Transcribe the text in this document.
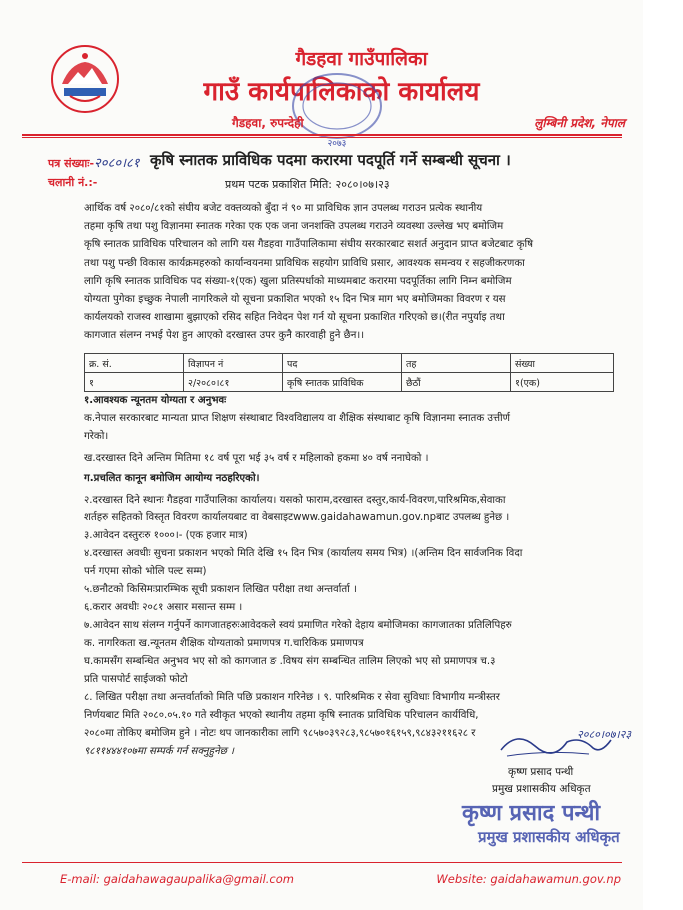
गैडहवा गाउँपालिका
गाउँ कार्यपालिकाको कार्यालय
२०७३
गैडहवा, रुपन्देही	लुम्बिनी प्रदेश, नेपाल
पत्र संख्याः-२०८०।८१
चलानी नं.:-
कृषि स्नातक प्राविधिक पदमा करारमा पदपूर्ति गर्ने सम्बन्धी सूचना ।
प्रथम पटक प्रकाशित मिति: २०८०।०७।२३
आर्थिक वर्ष २०८०/८१को संघीय बजेट वक्तव्यको बुँदा नं ९० मा प्राविधिक ज्ञान उपलब्ध गराउन प्रत्येक स्थानीय
तहमा कृषि तथा पशु विज्ञानमा स्नातक गरेका एक एक जना जनशक्ति उपलब्ध गराउने व्यवस्था उल्लेख भए बमोजिम
कृषि स्नातक प्राविधिक परिचालन को लागि यस गैडहवा गाउँपालिकामा संघीय सरकारबाट सशर्त अनुदान प्राप्त बजेटबाट कृषि
तथा पशु पन्छी विकास कार्यक्रमहरुको कार्यान्वयनमा प्राविधिक सहयोग प्राविधि प्रसार, आवश्यक समन्वय र सहजीकरणका
लागि कृषि स्नातक प्राविधिक पद संख्या-१(एक) खुला प्रतिस्पर्धाको माध्यमबाट करारमा पदपूर्तिका लागि निम्न बमोजिम
योग्यता पुगेका इच्छुक नेपाली नागरिकले यो सूचना प्रकाशित भएको १५ दिन भित्र माग भए बमोजिमका विवरण र यस
कार्यलयको राजस्व शाखामा बुझाएको रसिद सहित निवेदन पेश गर्न यो सूचना प्रकाशित गरिएको छ।(रीत नपुर्याइ तथा
कागजात संलग्न नभई पेश हुन आएको दरखास्त उपर कुनै कारवाही हुने छैन।।
क्र. सं.	विज्ञापन नं	पद	तह	संख्या
१	२/२०८०।८१	कृषि स्नातक प्राविधिक	छैठौं	१(एक)
१.आवश्यक न्यूनतम योग्यता र अनुभवः
क.नेपाल सरकारबाट मान्यता प्राप्त शिक्षण संस्थाबाट विश्वविद्यालय वा शैक्षिक संस्थाबाट कृषि विज्ञानमा स्नातक उत्तीर्ण
गरेको।
ख.दरखास्त दिने अन्तिम मितिमा १८ वर्ष पूरा भई ३५ वर्ष र महिलाको हकमा ४० वर्ष ननाघेको ।
ग.प्रचलित कानून बमोजिम आयोग्य नठहरिएको।
२.दरखास्त दिने स्थानः गैडहवा गाउँपालिका कार्यालय। यसको फाराम,दरखास्त दस्तुर,कार्य-विवरण,पारिश्रमिक,सेवाका
शर्तहरु सहितको विस्तृत विवरण कार्यालयबाट वा वेबसाइटwww.gaidahawamun.gov.npबाट उपलब्ध हुनेछ ।
३.आवेदन दस्तुरःरु १०००।- (एक हजार मात्र)
४.दरखास्त अवधीः सुचना प्रकाशन भएको मिति देखि १५ दिन भित्र (कार्यालय समय भित्र) ।(अन्तिम दिन सार्वजनिक विदा
पर्न गएमा सोको भोलि पल्ट सम्म)
५.छनौटको किसिमःप्रारम्भिक सूची प्रकाशन लिखित परीक्षा तथा अन्तर्वार्ता ।
६.करार अवधीः २०८१ असार मसान्त सम्म ।
७.आवेदन साथ संलग्न गर्नुपर्ने कागजातहरुःआवेदकले स्वयं प्रमाणित गरेको देहाय बमोजिमका कागजातका प्रतिलिपिहरु
क. नागरिकता ख.न्यूनतम शैक्षिक योग्यताको प्रमाणपत्र ग.चारिकिक प्रमाणपत्र
घ.कामसँग सम्बन्धित अनुभव भए सो को कागजात ङ .विषय संग सम्बन्धित तालिम लिएको भए सो प्रमाणपत्र च.३
प्रति पासपोर्ट साईजको फोटो
८. लिखित परीक्षा तथा अन्तर्वार्ताको मिति पछि प्रकाशन गरिनेछ । ९. पारिश्रमिक र सेवा सुविधाः विभागीय मन्त्रीस्तर
निर्णयबाट मिति २०८०.०५.१० गते स्वीकृत भएको स्थानीय तहमा कृषि स्नातक प्राविधिक परिचालन कार्यविधि,
२०८०मा तोकिए बमोजिम हुने । नोटः थप जानकारीका लागि ९८५७०३९२८३,९८५७०१६१५९,९८४३२११६२८ र
९८११४४४१०७मा सम्पर्क गर्न सक्नुहुनेछ ।
२०८०।०७।२३
कृष्ण प्रसाद पन्थी
प्रमुख प्रशासकीय अधिकृत
कृष्ण प्रसाद पन्थी
प्रमुख प्रशासकीय अधिकृत
E-mail: gaidahawagaupalika@gmail.com	Website: gaidahawamun.gov.np
